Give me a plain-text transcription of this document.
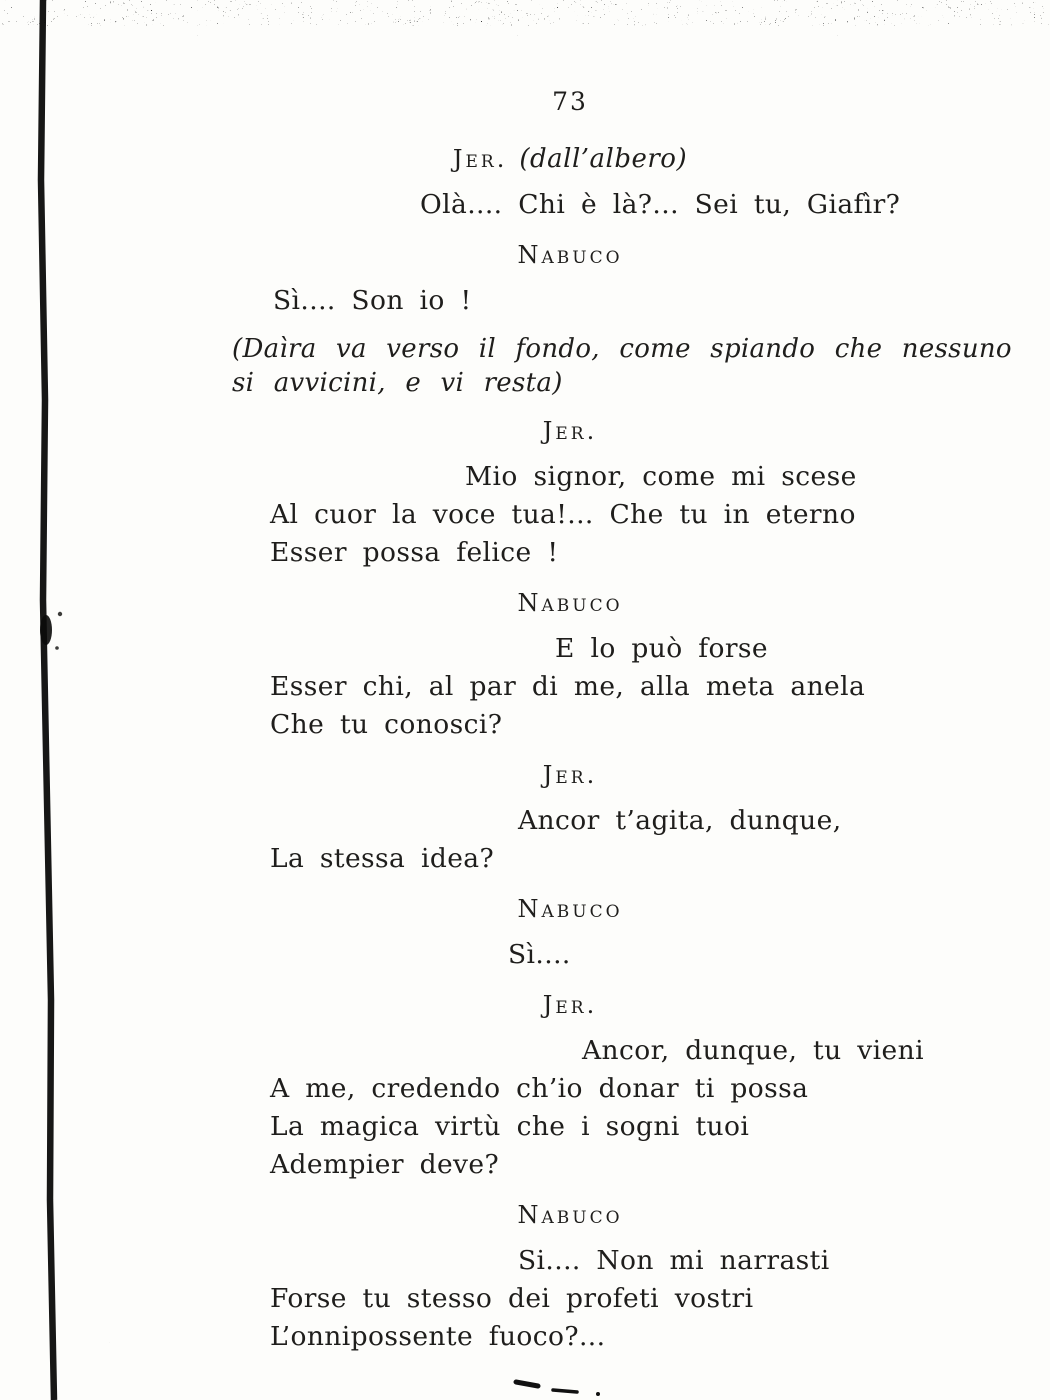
73
Jer. (dall’albero)
Olà.... Chi è là?... Sei tu, Giafìr?
Nabuco
Sì.... Son io !
(Daìra va verso il fondo, come spiando che nessuno
si avvicini, e vi resta)
Jer.
Mio signor, come mi scese
Al cuor la voce tua!... Che tu in eterno
Esser possa felice !
Nabuco
E lo può forse
Esser chi, al par di me, alla meta anela
Che tu conosci?
Jer.
Ancor t’agita, dunque,
La stessa idea?
Nabuco
Sì....
Jer.
Ancor, dunque, tu vieni
A me, credendo ch’io donar ti possa
La magica virtù che i sogni tuoi
Adempier deve?
Nabuco
Si.... Non mi narrasti
Forse tu stesso dei profeti vostri
L’onnipossente fuoco?...
